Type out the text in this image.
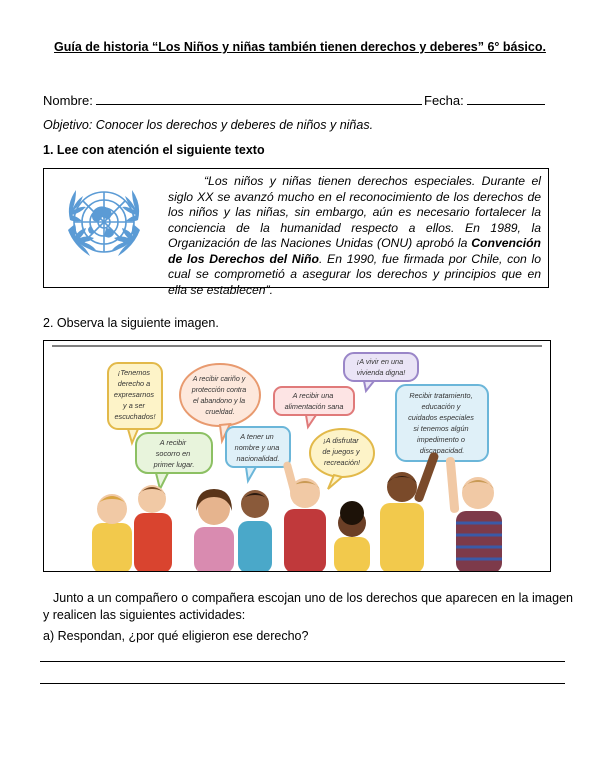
Guía de historia “Los Niños y niñas también tienen derechos y deberes” 6° básico.
Nombre:	Fecha:
Objetivo: Conocer los derechos y deberes de niños y niñas.
1. Lee con atención el siguiente texto
“Los niños y niñas tienen derechos especiales. Durante el siglo XX se avanzó mucho en el reconocimiento de los derechos de los niños y las niñas, sin embargo, aún es necesario fortalecer la conciencia de la humanidad respecto a ellos. En 1989, la Organización de las Naciones Unidas (ONU) aprobó la Convención de los Derechos del Niño. En 1990, fue firmada por Chile, con lo cual se comprometió a asegurar los derechos y principios que en ella se establecen”.
2. Observa la siguiente imagen.
¡Tenemos derecho a expresarnos y a ser escuchados!
A recibir socorro en primer lugar.
A recibir cariño y protección contra el abandono y la crueldad.
A tener un nombre y una nacionalidad.
A recibir una alimentación sana
¡A disfrutar de juegos y recreación!
¡A vivir en una vivienda digna!
Recibir tratamiento, educación y cuidados especiales si tenemos algún impedimento o discapacidad.
Junto a un compañero o compañera escojan uno de los derechos que aparecen en la imagen y realicen las siguientes actividades:
a) Respondan, ¿por qué eligieron ese derecho?
